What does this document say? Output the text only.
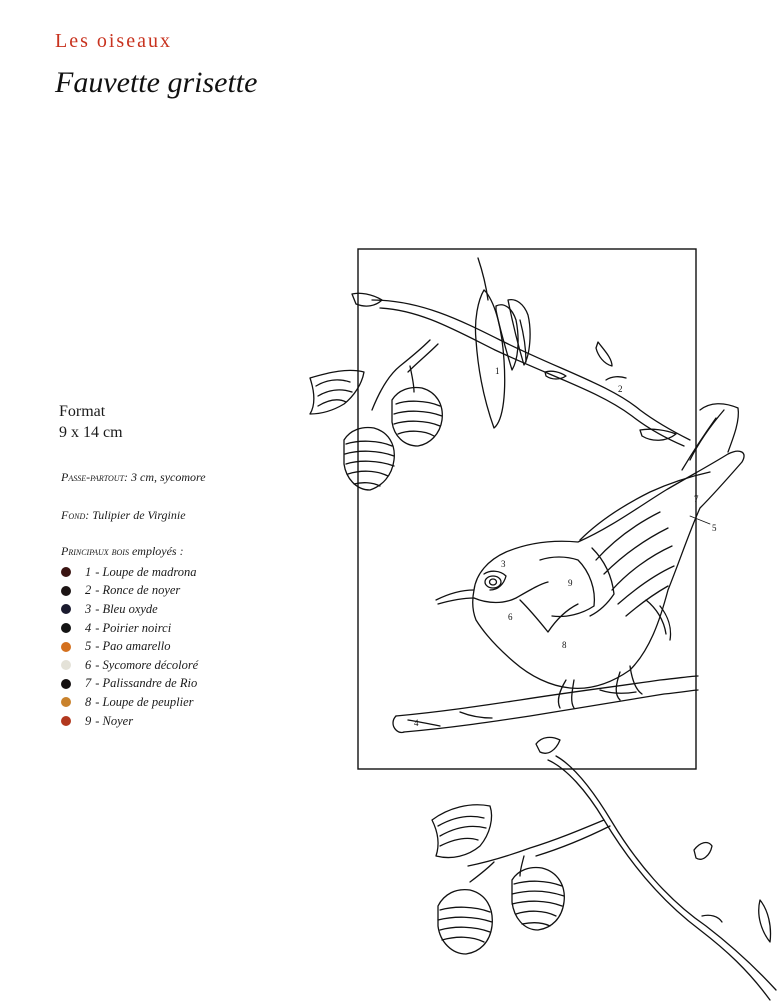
Les oiseaux
Fauvette grisette
Format
9 x 14 cm
Passe-partout: 3 cm, sycomore
Fond: Tulipier de Virginie
Principaux bois employés :
1 - Loupe de madrona
2 - Ronce de noyer
3 - Bleu oxyde
4 - Poirier noirci
5 - Pao amarello
6 - Sycomore décoloré
7 - Palissandre de Rio
8 - Loupe de peuplier
9 - Noyer
1
2
3
4
5
6
7
8
9
